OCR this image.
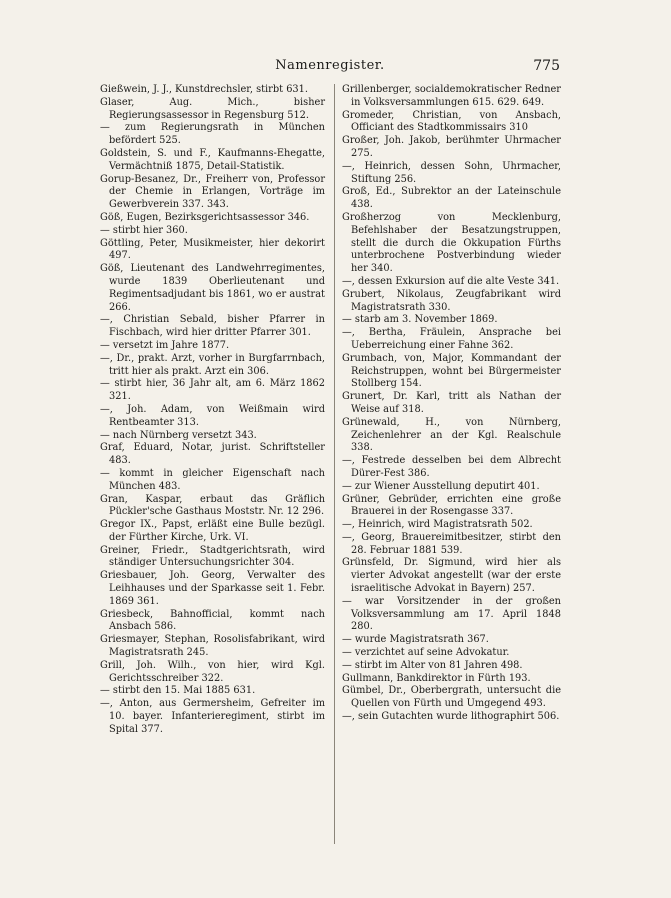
Namenregister.	775

Gießwein, J. J., Kunstdrechsler, stirbt 631.

Glaser, Aug. Mich., bisher Regierungsassessor in Regensburg 512.

— zum Regierungsrath in München befördert 525.

Goldstein, S. und F., Kaufmanns-Ehegatte, Vermächtniß 1875, Detail-Statistik.

Gorup-Besanez, Dr., Freiherr von, Professor der Chemie in Erlangen, Vorträge im Gewerbverein 337. 343.

Göß, Eugen, Bezirksgerichtsassessor 346.

— stirbt hier 360.

Göttling, Peter, Musikmeister, hier dekorirt 497.

Göß, Lieutenant des Landwehrregimentes, wurde 1839 Oberlieutenant und Regimentsadjudant bis 1861, wo er austrat 266.

—, Christian Sebald, bisher Pfarrer in Fischbach, wird hier dritter Pfarrer 301.

— versetzt im Jahre 1877.

—, Dr., prakt. Arzt, vorher in Burgfarrnbach, tritt hier als prakt. Arzt ein 306.

— stirbt hier, 36 Jahr alt, am 6. März 1862 321.

—, Joh. Adam, von Weißmain wird Rentbeamter 313.

— nach Nürnberg versetzt 343.

Graf, Eduard, Notar, jurist. Schriftsteller 483.

— kommt in gleicher Eigenschaft nach München 483.

Gran, Kaspar, erbaut das Gräflich Pückler'sche Gasthaus Moststr. Nr. 12 296.

Gregor IX., Papst, erläßt eine Bulle bezügl. der Fürther Kirche, Urk. VI.

Greiner, Friedr., Stadtgerichtsrath, wird ständiger Untersuchungsrichter 304.

Griesbauer, Joh. Georg, Verwalter des Leihhauses und der Sparkasse seit 1. Febr. 1869 361.

Griesbeck, Bahnofficial, kommt nach Ansbach 586.

Griesmayer, Stephan, Rosolisfabrikant, wird Magistratsrath 245.

Grill, Joh. Wilh., von hier, wird Kgl. Gerichtsschreiber 322.

— stirbt den 15. Mai 1885 631.

—, Anton, aus Germersheim, Gefreiter im 10. bayer. Infanterieregiment, stirbt im Spital 377.

Grillenberger, socialdemokratischer Redner in Volksversammlungen 615. 629. 649.

Gromeder, Christian, von Ansbach, Officiant des Stadtkommissairs 310

Großer, Joh. Jakob, berühmter Uhrmacher 275.

—, Heinrich, dessen Sohn, Uhrmacher, Stiftung 256.

Groß, Ed., Subrektor an der Lateinschule 438.

Großherzog von Mecklenburg, Befehlshaber der Besatzungstruppen, stellt die durch die Okkupation Fürths unterbrochene Postverbindung wieder her 340.

—, dessen Exkursion auf die alte Veste 341.

Grubert, Nikolaus, Zeugfabrikant wird Magistratsrath 330.

— starb am 3. November 1869.

—, Bertha, Fräulein, Ansprache bei Ueberreichung einer Fahne 362.

Grumbach, von, Major, Kommandant der Reichstruppen, wohnt bei Bürgermeister Stollberg 154.

Grunert, Dr. Karl, tritt als Nathan der Weise auf 318.

Grünewald, H., von Nürnberg, Zeichenlehrer an der Kgl. Realschule 338.

—, Festrede desselben bei dem Albrecht Dürer-Fest 386.

— zur Wiener Ausstellung deputirt 401.

Grüner, Gebrüder, errichten eine große Brauerei in der Rosengasse 337.

—, Heinrich, wird Magistratsrath 502.

—, Georg, Brauereimitbesitzer, stirbt den 28. Februar 1881 539.

Grünsfeld, Dr. Sigmund, wird hier als vierter Advokat angestellt (war der erste israelitische Advokat in Bayern) 257.

— war Vorsitzender in der großen Volksversammlung am 17. April 1848 280.

— wurde Magistratsrath 367.

— verzichtet auf seine Advokatur.

— stirbt im Alter von 81 Jahren 498.

Gullmann, Bankdirektor in Fürth 193.

Gümbel, Dr., Oberbergrath, untersucht die Quellen von Fürth und Umgegend 493.

—, sein Gutachten wurde lithographirt 506.
